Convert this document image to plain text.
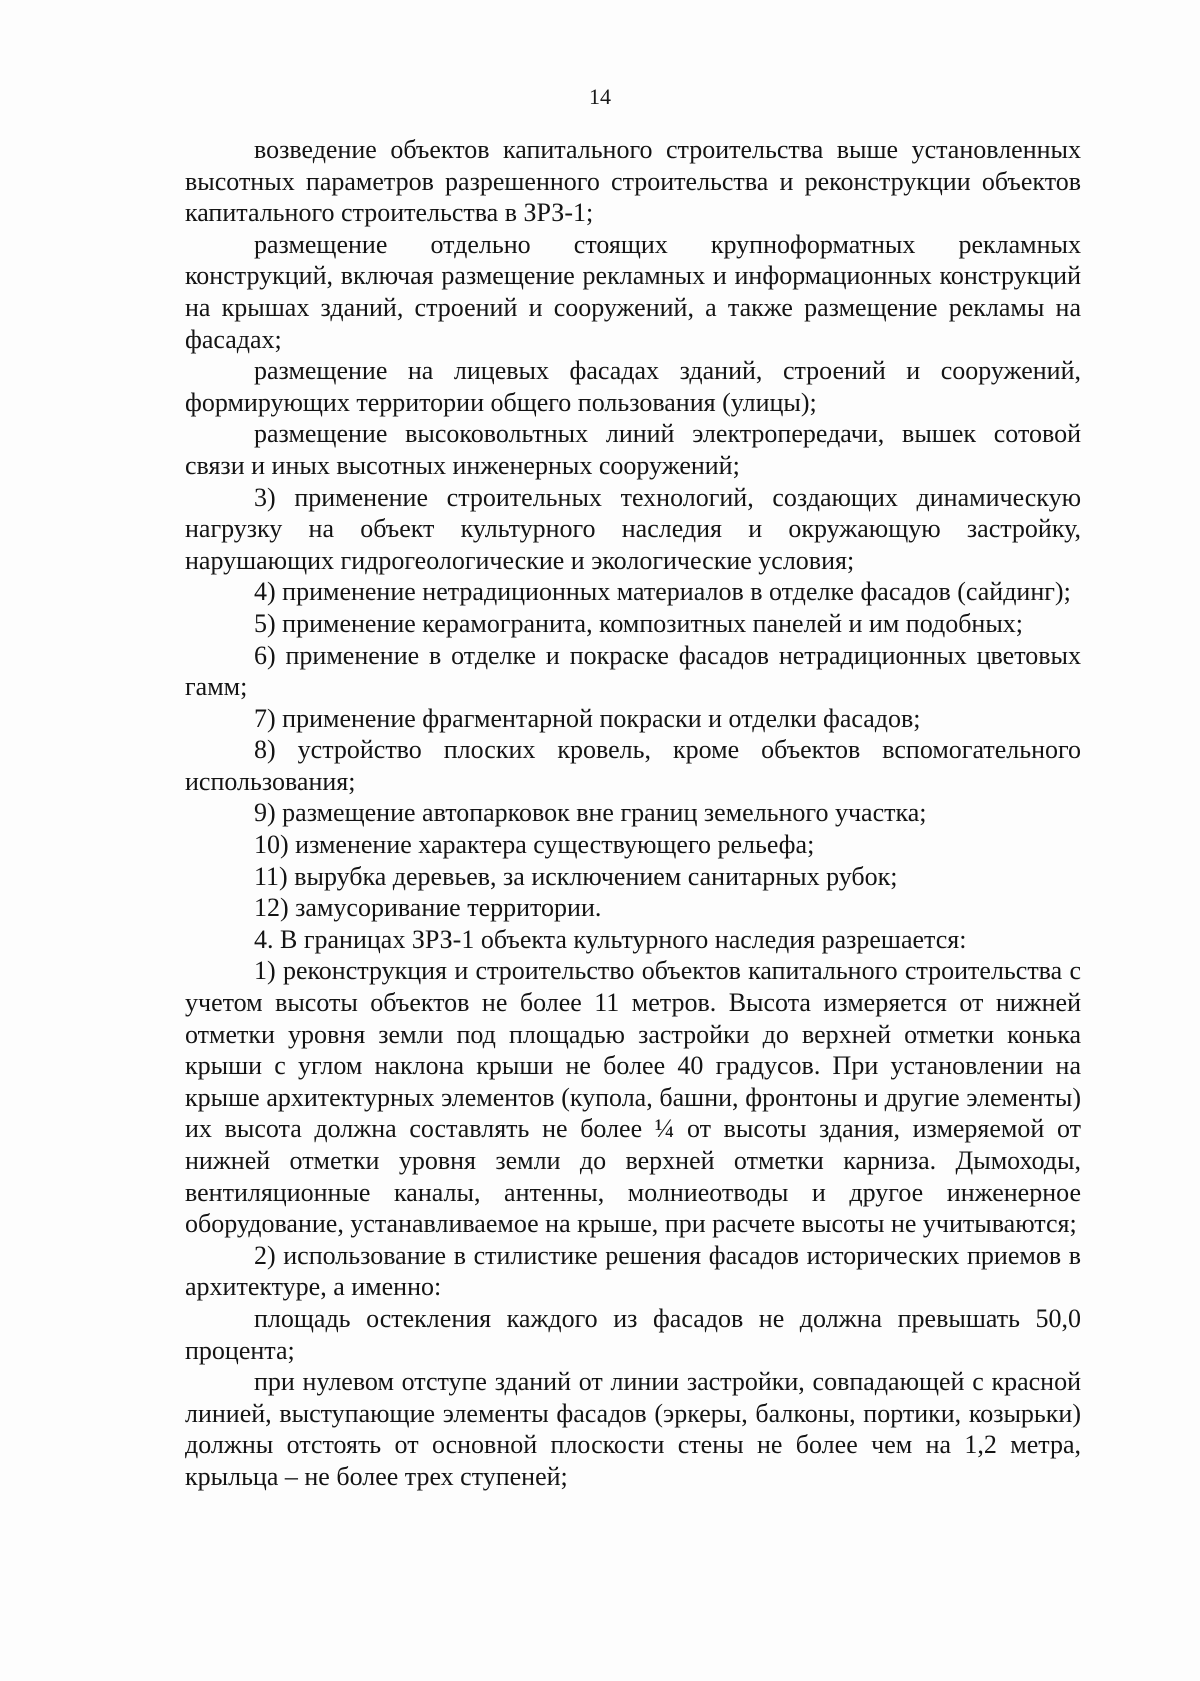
14

возведение объектов капитального строительства выше установленных высотных параметров разрешенного строительства и реконструкции объектов капитального строительства в ЗРЗ-1;

размещение отдельно стоящих крупноформатных рекламных конструкций, включая размещение рекламных и информационных конструкций на крышах зданий, строений и сооружений, а также размещение рекламы на фасадах;

размещение на лицевых фасадах зданий, строений и сооружений, формирующих территории общего пользования (улицы);

размещение высоковольтных линий электропередачи, вышек сотовой связи и иных высотных инженерных сооружений;

3) применение строительных технологий, создающих динамическую нагрузку на объект культурного наследия и окружающую застройку, нарушающих гидрогеологические и экологические условия;

4) применение нетрадиционных материалов в отделке фасадов (сайдинг);

5) применение керамогранита, композитных панелей и им подобных;

6) применение в отделке и покраске фасадов нетрадиционных цветовых гамм;

7) применение фрагментарной покраски и отделки фасадов;

8) устройство плоских кровель, кроме объектов вспомогательного использования;

9) размещение автопарковок вне границ земельного участка;

10) изменение характера существующего рельефа;

11) вырубка деревьев, за исключением санитарных рубок;

12) замусоривание территории.

4. В границах ЗРЗ-1 объекта культурного наследия разрешается:

1) реконструкция и строительство объектов капитального строительства с учетом высоты объектов не более 11 метров. Высота измеряется от нижней отметки уровня земли под площадью застройки до верхней отметки конька крыши с углом наклона крыши не более 40 градусов. При установлении на крыше архитектурных элементов (купола, башни, фронтоны и другие элементы) их высота должна составлять не более ¼ от высоты здания, измеряемой от нижней отметки уровня земли до верхней отметки карниза. Дымоходы, вентиляционные каналы, антенны, молниеотводы и другое инженерное оборудование, устанавливаемое на крыше, при расчете высоты не учитываются;

2) использование в стилистике решения фасадов исторических приемов в архитектуре, а именно:

площадь остекления каждого из фасадов не должна превышать 50,0 процента;

при нулевом отступе зданий от линии застройки, совпадающей с красной линией, выступающие элементы фасадов (эркеры, балконы, портики, козырьки) должны отстоять от основной плоскости стены не более чем на 1,2 метра, крыльца – не более трех ступеней;
